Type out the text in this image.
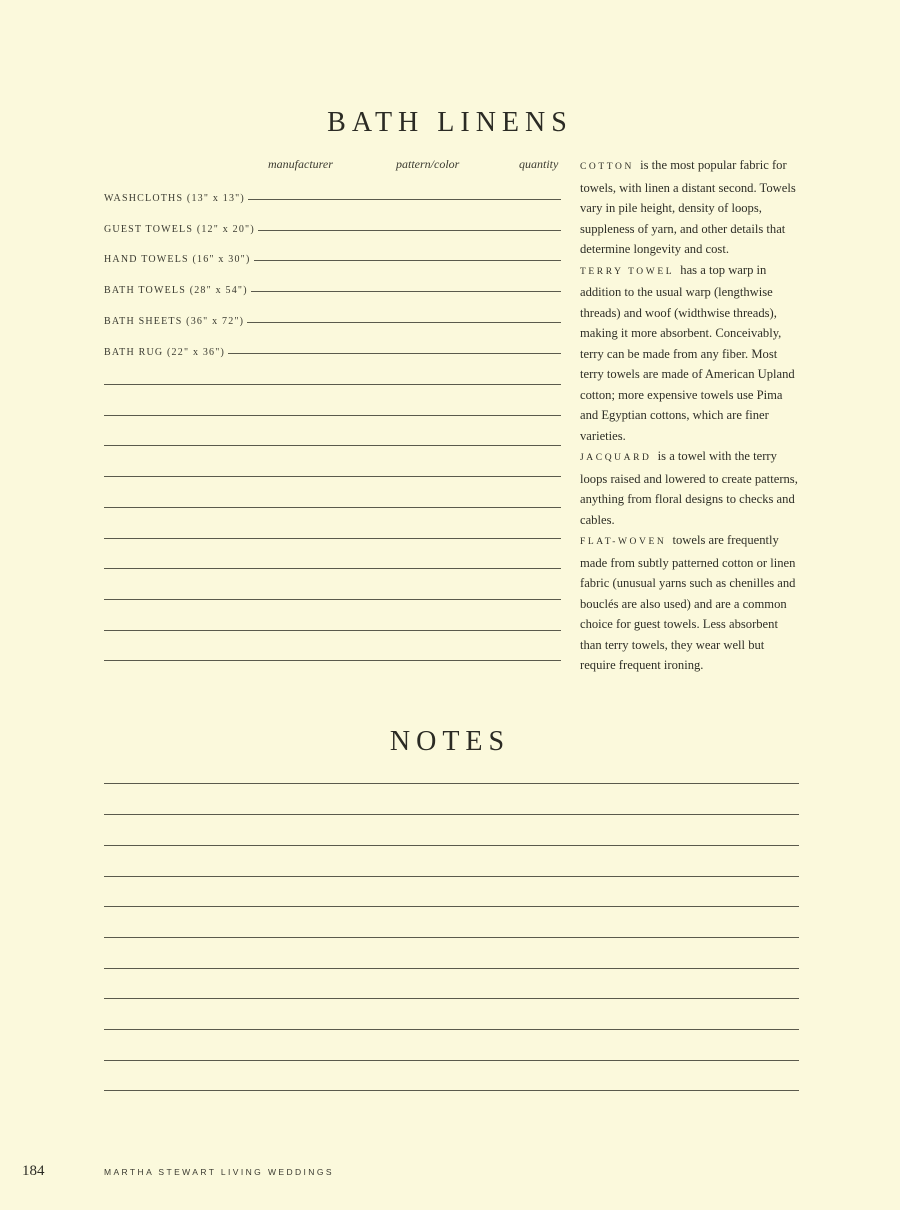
BATH LINENS
manufacturer	pattern/color	quantity
WASHCLOTHS (13" x 13")
GUEST TOWELS (12" x 20")
HAND TOWELS (16" x 30")
BATH TOWELS (28" x 54")
BATH SHEETS (36" x 72")
BATH RUG (22" x 36")

COTTON is the most popular fabric for towels, with linen a distant second. Towels vary in pile height, density of loops, suppleness of yarn, and other details that determine longevity and cost.

TERRY TOWEL has a top warp in addition to the usual warp (lengthwise threads) and woof (widthwise threads), making it more absorbent. Conceivably, terry can be made from any fiber. Most terry towels are made of American Upland cotton; more expensive towels use Pima and Egyptian cottons, which are finer varieties.

JACQUARD is a towel with the terry loops raised and lowered to create patterns, anything from floral designs to checks and cables.

FLAT-WOVEN towels are frequently made from subtly patterned cotton or linen fabric (unusual yarns such as chenilles and bouclés are also used) and are a common choice for guest towels. Less absorbent than terry towels, they wear well but require frequent ironing.

NOTES
184	MARTHA STEWART LIVING WEDDINGS
